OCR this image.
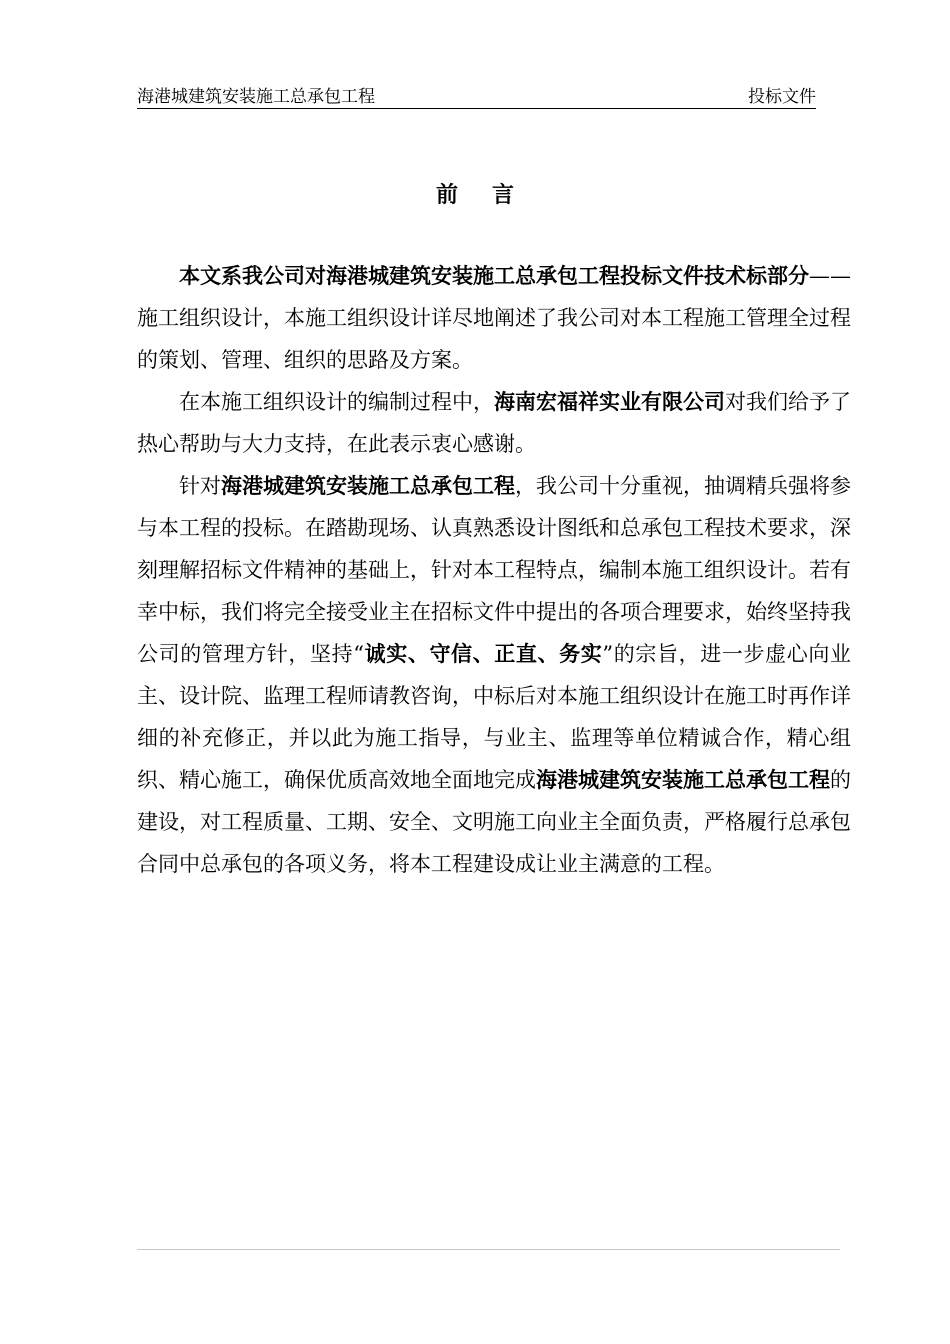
海港城建筑安装施工总承包工程	投标文件
前言

本文系我公司对海港城建筑安装施工总承包工程投标文件技术标部分——施工组织设计，本施工组织设计详尽地阐述了我公司对本工程施工管理全过程的策划、管理、组织的思路及方案。

在本施工组织设计的编制过程中，海南宏福祥实业有限公司对我们给予了热心帮助与大力支持，在此表示衷心感谢。

针对海港城建筑安装施工总承包工程，我公司十分重视，抽调精兵强将参与本工程的投标。在踏勘现场、认真熟悉设计图纸和总承包工程技术要求，深刻理解招标文件精神的基础上，针对本工程特点，编制本施工组织设计。若有幸中标，我们将完全接受业主在招标文件中提出的各项合理要求，始终坚持我公司的管理方针，坚持“诚实、守信、正直、务实”的宗旨，进一步虚心向业主、设计院、监理工程师请教咨询，中标后对本施工组织设计在施工时再作详细的补充修正，并以此为施工指导，与业主、监理等单位精诚合作，精心组织、精心施工，确保优质高效地全面地完成海港城建筑安装施工总承包工程的建设，对工程质量、工期、安全、文明施工向业主全面负责，严格履行总承包合同中总承包的各项义务，将本工程建设成让业主满意的工程。
